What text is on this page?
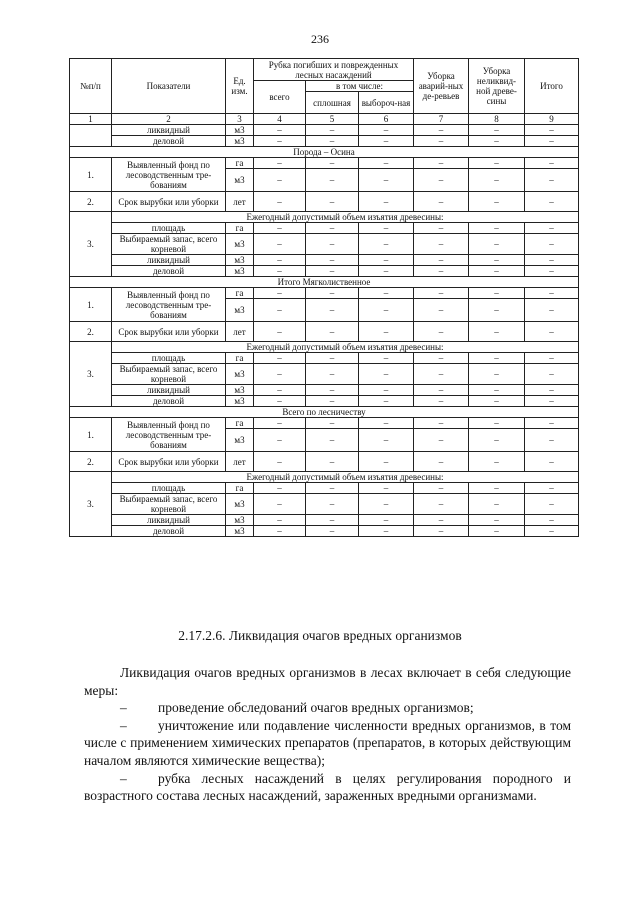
236
№п/п	Показатели	Ед. изм.	Рубка погибших и поврежденных лесных насаждений			Уборка аварий-ных де-ревьев	Уборка неликвид-ной древе-сины	Итого
			всего	в том числе:				
				сплошная	выбороч-ная			
1	2	3	4	5	6	7	8	9
	ликвидный	м3	–	–	–	–	–	–
	деловой	м3	–	–	–	–	–	–
Порода – Осина								
1.	Выявленный фонд по лесоводственным тре-бованиям	га	–	–	–	–	–	–
		м3	–	–	–	–	–	–
2.	Срок вырубки или уборки	лет	–	–	–	–	–	–
3.	Ежегодный допустимый объем изъятия древесины:							
	площадь	га	–	–	–	–	–	–
	Выбираемый запас, всего корневой	м3	–	–	–	–	–	–
	ликвидный	м3	–	–	–	–	–	–
	деловой	м3	–	–	–	–	–	–
Итого Мягколиственное								
1.	Выявленный фонд по лесоводственным тре-бованиям	га	–	–	–	–	–	–
		м3	–	–	–	–	–	–
2.	Срок вырубки или уборки	лет	–	–	–	–	–	–
3.	Ежегодный допустимый объем изъятия древесины:							
	площадь	га	–	–	–	–	–	–
	Выбираемый запас, всего корневой	м3	–	–	–	–	–	–
	ликвидный	м3	–	–	–	–	–	–
	деловой	м3	–	–	–	–	–	–
Всего по лесничеству								
1.	Выявленный фонд по лесоводственным тре-бованиям	га	–	–	–	–	–	–
		м3	–	–	–	–	–	–
2.	Срок вырубки или уборки	лет	–	–	–	–	–	–
3.	Ежегодный допустимый объем изъятия древесины:							
	площадь	га	–	–	–	–	–	–
	Выбираемый запас, всего корневой	м3	–	–	–	–	–	–
	ликвидный	м3	–	–	–	–	–	–
	деловой	м3	–	–	–	–	–	–
2.17.2.6. Ликвидация очагов вредных организмов

Ликвидация очагов вредных организмов в лесах включает в себя следующие меры:

– проведение обследований очагов вредных организмов;

– уничтожение или подавление численности вредных организмов, в том числе с применением химических препаратов (препаратов, в которых действующим началом являются химические вещества);

– рубка лесных насаждений в целях регулирования породного и возрастного состава лесных насаждений, зараженных вредными организмами.
